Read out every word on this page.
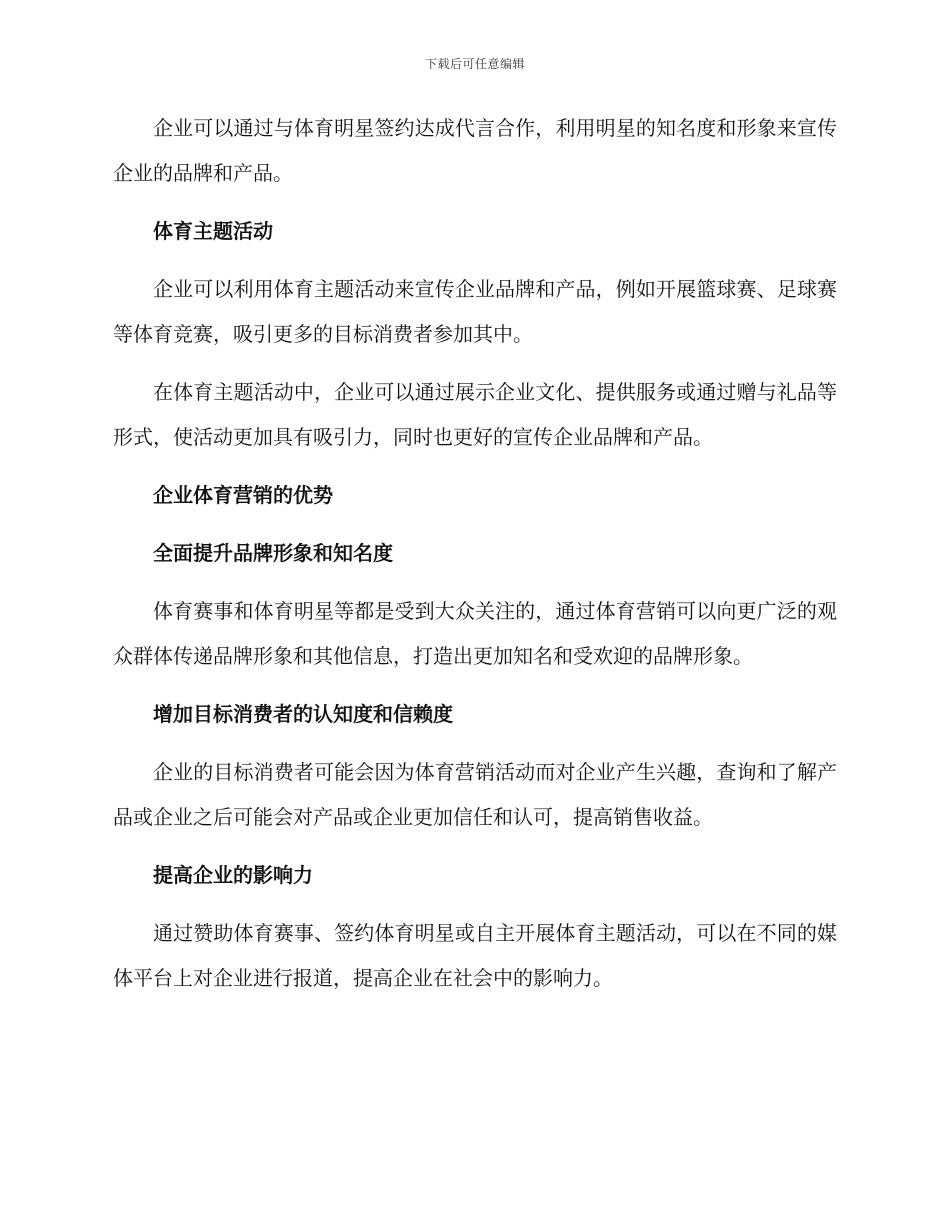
下载后可任意编辑

企业可以通过与体育明星签约达成代言合作，利用明星的知名度和形象来宣传企业的品牌和产品。

体育主题活动

企业可以利用体育主题活动来宣传企业品牌和产品，例如开展篮球赛、足球赛等体育竞赛，吸引更多的目标消费者参加其中。

在体育主题活动中，企业可以通过展示企业文化、提供服务或通过赠与礼品等形式，使活动更加具有吸引力，同时也更好的宣传企业品牌和产品。

企业体育营销的优势

全面提升品牌形象和知名度

体育赛事和体育明星等都是受到大众关注的，通过体育营销可以向更广泛的观众群体传递品牌形象和其他信息，打造出更加知名和受欢迎的品牌形象。

增加目标消费者的认知度和信赖度

企业的目标消费者可能会因为体育营销活动而对企业产生兴趣，查询和了解产品或企业之后可能会对产品或企业更加信任和认可，提高销售收益。

提高企业的影响力

通过赞助体育赛事、签约体育明星或自主开展体育主题活动，可以在不同的媒体平台上对企业进行报道，提高企业在社会中的影响力。
